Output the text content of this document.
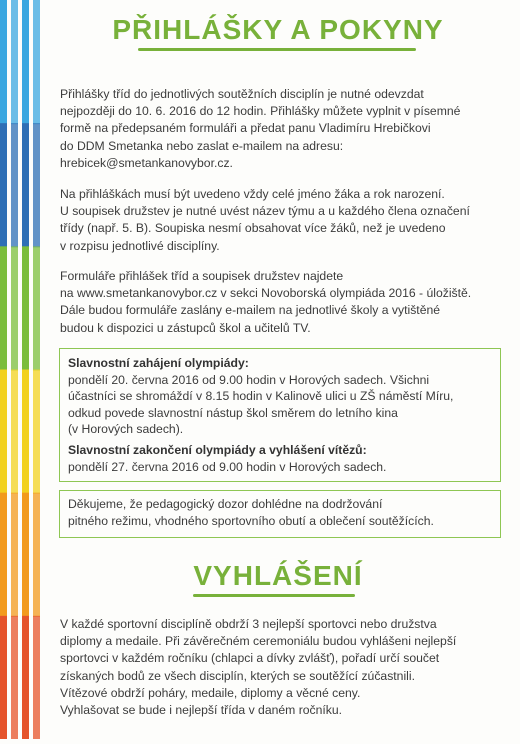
PŘIHLÁŠKY A POKYNY
Přihlášky tříd do jednotlivých soutěžních disciplín je nutné odevzdat
nejpozději do 10. 6. 2016 do 12 hodin. Přihlášky můžete vyplnit v písemné
formě na předepsaném formuláři a předat panu Vladimíru Hrebičkovi
do DDM Smetanka nebo zaslat e-mailem na adresu:
hrebicek@smetankanovybor.cz.
Na přihláškách musí být uvedeno vždy celé jméno žáka a rok narození.
U soupisek družstev je nutné uvést název týmu a u každého člena označení
třídy (např. 5. B). Soupiska nesmí obsahovat více žáků, než je uvedeno
v rozpisu jednotlivé disciplíny.
Formuláře přihlášek tříd a soupisek družstev najdete
na www.smetankanovybor.cz v sekci Novoborská olympiáda 2016 - úložiště.
Dále budou formuláře zaslány e-mailem na jednotlivé školy a vytištěné
budou k dispozici u zástupců škol a učitelů TV.
Slavnostní zahájení olympiády:
pondělí 20. června 2016 od 9.00 hodin v Horových sadech. Všichni
účastníci se shromáždí v 8.15 hodin v Kalinově ulici u ZŠ náměstí Míru,
odkud povede slavnostní nástup škol směrem do letního kina
(v Horových sadech).
Slavnostní zakončení olympiády a vyhlášení vítězů:
pondělí 27. června 2016 od 9.00 hodin v Horových sadech.
Děkujeme, že pedagogický dozor dohlédne na dodržování
pitného režimu, vhodného sportovního obutí a oblečení soutěžících.
VYHLÁŠENÍ
V každé sportovní disciplíně obdrží 3 nejlepší sportovci nebo družstva
diplomy a medaile. Při závěrečném ceremoniálu budou vyhlášeni nejlepší
sportovci v každém ročníku (chlapci a dívky zvlášť), pořadí určí součet
získaných bodů ze všech disciplín, kterých se soutěžící zúčastnili.
Vítězové obdrží poháry, medaile, diplomy a věcné ceny.
Vyhlašovat se bude i nejlepší třída v daném ročníku.
